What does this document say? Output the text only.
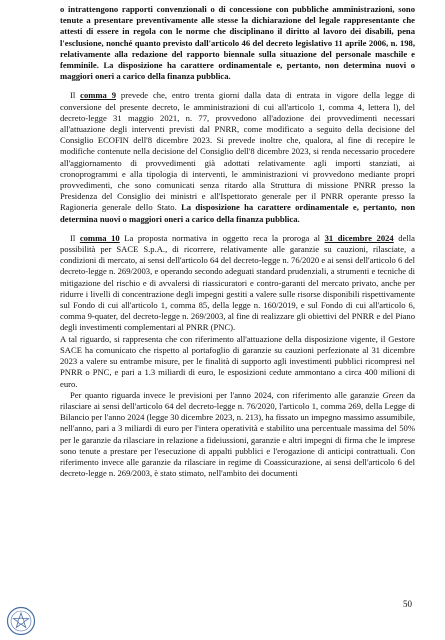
o intrattengono rapporti convenzionali o di concessione con pubbliche amministrazioni, sono tenute a presentare preventivamente alle stesse la dichiarazione del legale rappresentante che attesti di essere in regola con le norme che disciplinano il diritto al lavoro dei disabili, pena l'esclusione, nonché quanto previsto dall'articolo 46 del decreto legislativo 11 aprile 2006, n. 198, relativamente alla redazione del rapporto biennale sulla situazione del personale maschile e femminile. La disposizione ha carattere ordinamentale e, pertanto, non determina nuovi o maggiori oneri a carico della finanza pubblica.

Il comma 9 prevede che, entro trenta giorni dalla data di entrata in vigore della legge di conversione del presente decreto, le amministrazioni di cui all'articolo 1, comma 4, lettera l), del decreto-legge 31 maggio 2021, n. 77, provvedono all'adozione dei provvedimenti necessari all'attuazione degli interventi previsti dal PNRR, come modificato a seguito della decisione del Consiglio ECOFIN dell'8 dicembre 2023. Si prevede inoltre che, qualora, al fine di recepire le modifiche contenute nella decisione del Consiglio dell'8 dicembre 2023, si renda necessario procedere all'aggiornamento di provvedimenti già adottati relativamente agli importi stanziati, ai cronoprogrammi e alla tipologia di interventi, le amministrazioni vi provvedono mediante propri provvedimenti, che sono comunicati senza ritardo alla Struttura di missione PNRR presso la Presidenza del Consiglio dei ministri e all'Ispettorato generale per il PNRR operante presso la Ragioneria generale dello Stato. La disposizione ha carattere ordinamentale e, pertanto, non determina nuovi o maggiori oneri a carico della finanza pubblica.

Il comma 10 La proposta normativa in oggetto reca la proroga al 31 dicembre 2024 della possibilità per SACE S.p.A., di ricorrere, relativamente alle garanzie su cauzioni, rilasciate, a condizioni di mercato, ai sensi dell'articolo 64 del decreto-legge n. 76/2020 e ai sensi dell'articolo 6 del decreto-legge n. 269/2003, e operando secondo adeguati standard prudenziali, a strumenti e tecniche di mitigazione del rischio e di avvalersi di riassicuratori e contro-garanti del mercato privato, anche per ridurre i livelli di concentrazione degli impegni gestiti a valere sulle risorse disponibili rispettivamente sul Fondo di cui all'articolo 1, comma 85, della legge n. 160/2019, e sul Fondo di cui all'articolo 6, comma 9-quater, del decreto-legge n. 269/2003, al fine di realizzare gli obiettivi del PNRR e del Piano degli investimenti complementari al PNRR (PNC).

A tal riguardo, si rappresenta che con riferimento all'attuazione della disposizione vigente, il Gestore SACE ha comunicato che rispetto al portafoglio di garanzie su cauzioni perfezionate al 31 dicembre 2023 a valere su entrambe misure, per le finalità di supporto agli investimenti pubblici ricompresi nel PNRR o PNC, e pari a 1.3 miliardi di euro, le esposizioni cedute ammontano a circa 400 milioni di euro.

Per quanto riguarda invece le previsioni per l'anno 2024, con riferimento alle garanzie Green da rilasciare ai sensi dell'articolo 64 del decreto-legge n. 76/2020, l'articolo 1, comma 269, della Legge di Bilancio per l'anno 2024 (legge 30 dicembre 2023, n. 213), ha fissato un impegno massimo assumibile, nell'anno, pari a 3 miliardi di euro per l'intera operatività e stabilito una percentuale massima del 50% per le garanzie da rilasciare in relazione a fideiussioni, garanzie e altri impegni di firma che le imprese sono tenute a prestare per l'esecuzione di appalti pubblici e l'erogazione di anticipi contrattuali. Con riferimento invece alle garanzie da rilasciare in regime di Coassicurazione, ai sensi dell'articolo 6 del decreto-legge n. 269/2003, è stato stimato, nell'ambito dei documenti

50
